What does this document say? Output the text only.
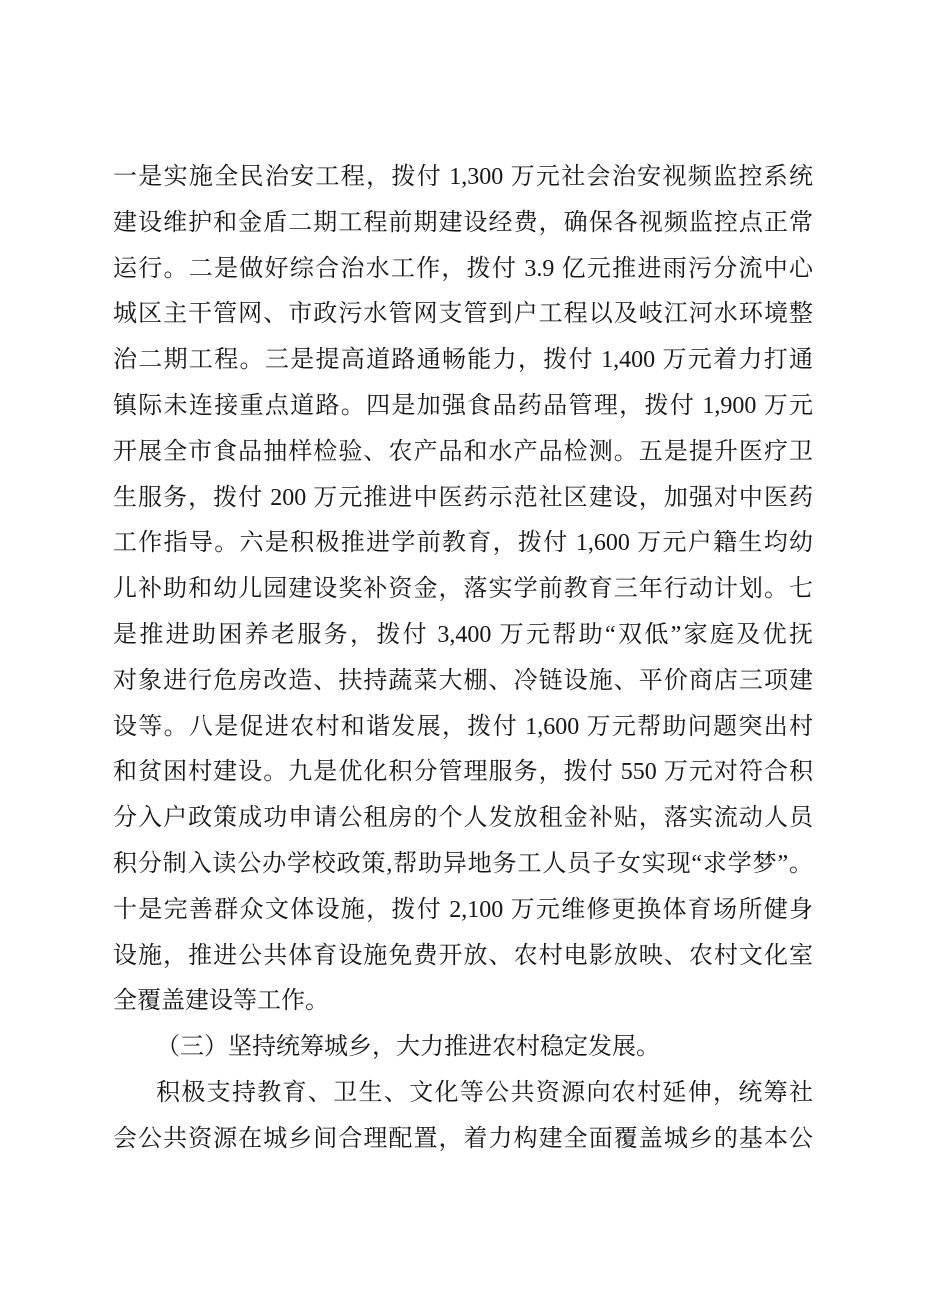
一是实施全民治安工程，拨付 1,300 万元社会治安视频监控系统
建设维护和金盾二期工程前期建设经费，确保各视频监控点正常
运行。二是做好综合治水工作，拨付 3.9 亿元推进雨污分流中心
城区主干管网、市政污水管网支管到户工程以及岐江河水环境整
治二期工程。三是提高道路通畅能力，拨付 1,400 万元着力打通
镇际未连接重点道路。四是加强食品药品管理，拨付 1,900 万元
开展全市食品抽样检验、农产品和水产品检测。五是提升医疗卫
生服务，拨付 200 万元推进中医药示范社区建设，加强对中医药
工作指导。六是积极推进学前教育，拨付 1,600 万元户籍生均幼
儿补助和幼儿园建设奖补资金，落实学前教育三年行动计划。七
是推进助困养老服务，拨付 3,400 万元帮助“双低”家庭及优抚
对象进行危房改造、扶持蔬菜大棚、冷链设施、平价商店三项建
设等。八是促进农村和谐发展，拨付 1,600 万元帮助问题突出村
和贫困村建设。九是优化积分管理服务，拨付 550 万元对符合积
分入户政策成功申请公租房的个人发放租金补贴，落实流动人员
积分制入读公办学校政策,帮助异地务工人员子女实现“求学梦”。
十是完善群众文体设施，拨付 2,100 万元维修更换体育场所健身
设施，推进公共体育设施免费开放、农村电影放映、农村文化室
全覆盖建设等工作。
（三）坚持统筹城乡，大力推进农村稳定发展。
积极支持教育、卫生、文化等公共资源向农村延伸，统筹社
会公共资源在城乡间合理配置，着力构建全面覆盖城乡的基本公
